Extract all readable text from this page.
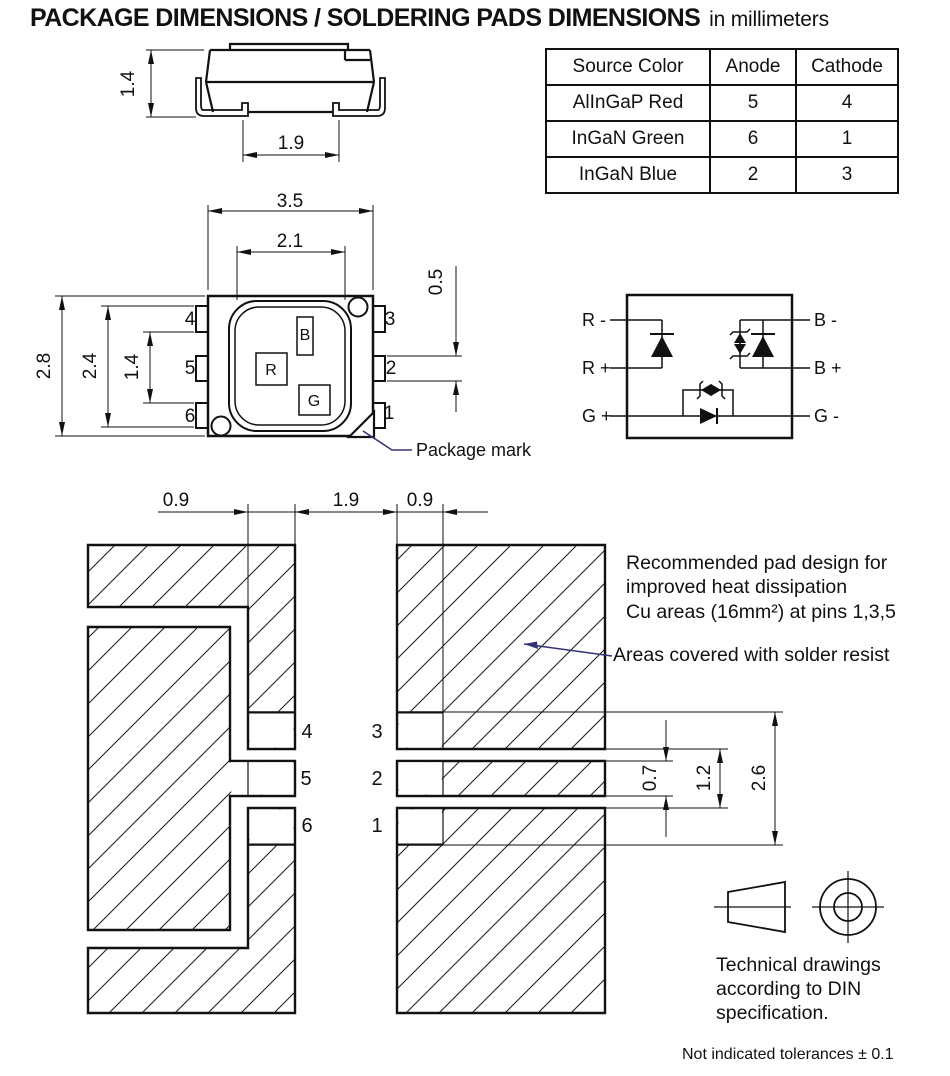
PACKAGE DIMENSIONS / SOLDERING PADS DIMENSIONS in millimeters
Source Color	Anode	Cathode
AlInGaP Red	5	4
InGaN Green	6	1
InGaN Blue	2	3
1.4
1.9
B
R
G
4
5
6
3
2
1
3.5
2.1
2.8 2.4 1.4
0.5
Package mark
R -
R +
G +
B -
B +
G -
0.9	1.9	0.9
4
5
6
3
2
1
0.7 1.2 2.6
Recommended pad design for
improved heat dissipation
Cu areas (16mm²) at pins 1,3,5
Areas covered with solder resist
Technical drawings
according to DIN
specification.
Not indicated tolerances ± 0.1
